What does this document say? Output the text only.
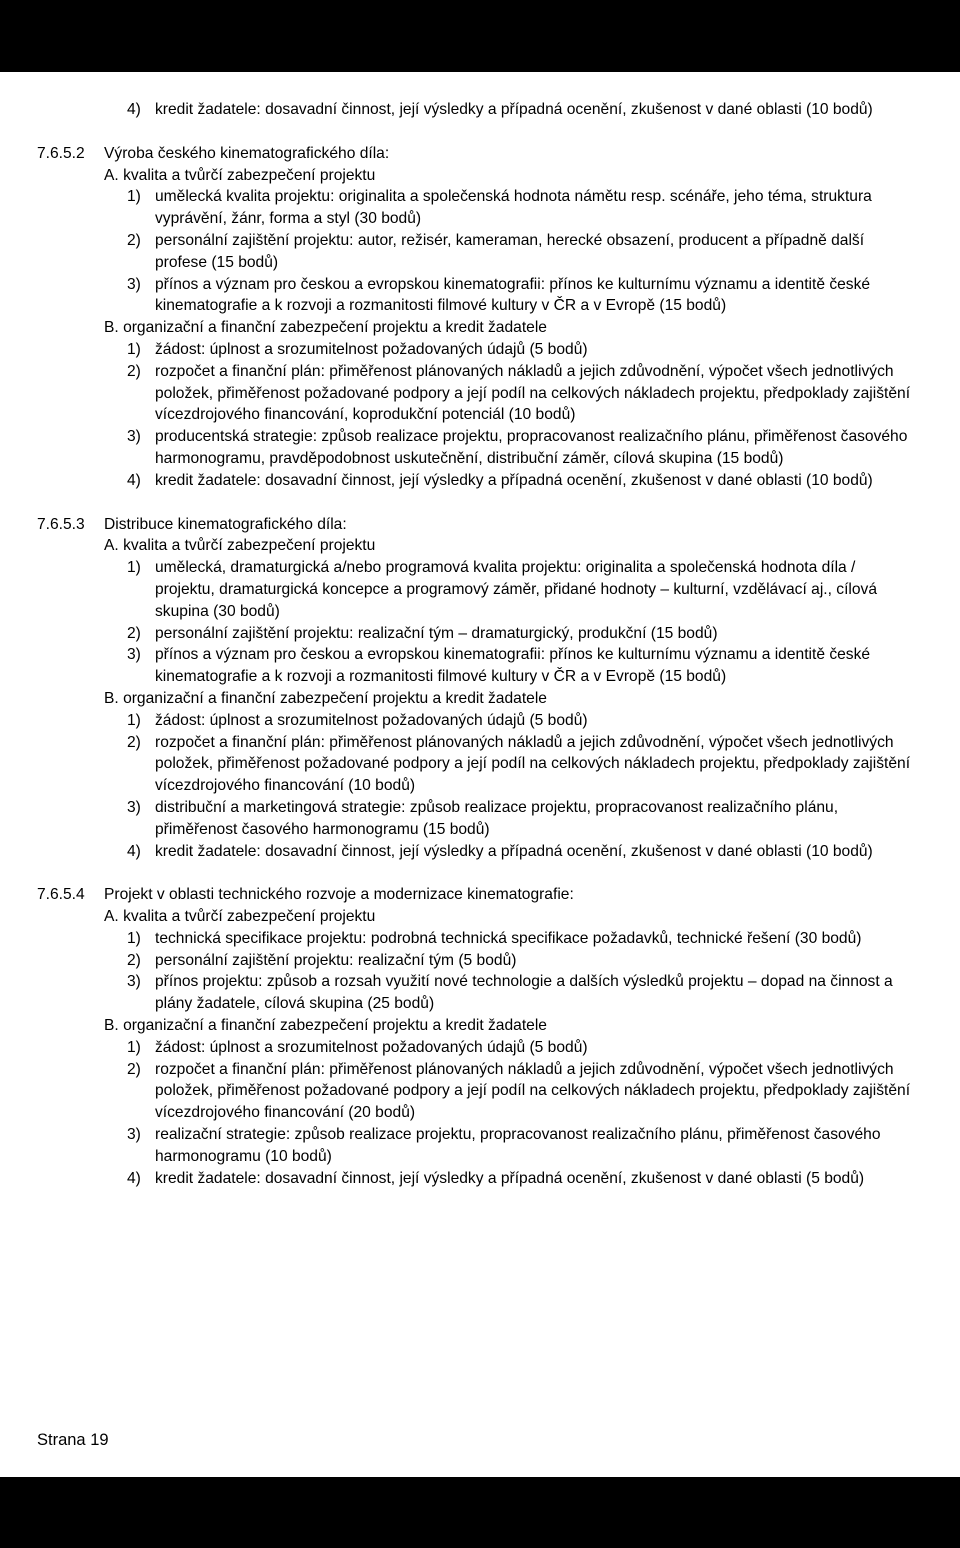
4) kredit žadatele: dosavadní činnost, její výsledky a případná ocenění, zkušenost v dané oblasti (10 bodů)
7.6.5.2 Výroba českého kinematografického díla:
A. kvalita a tvůrčí zabezpečení projektu
1) umělecká kvalita projektu: originalita a společenská hodnota námětu resp. scénáře, jeho téma, struktura vyprávění, žánr, forma a styl (30 bodů)
2) personální zajištění projektu: autor, režisér, kameraman, herecké obsazení, producent a případně další profese (15 bodů)
3) přínos a význam pro českou a evropskou kinematografii: přínos ke kulturnímu významu a identitě české kinematografie a k rozvoji a rozmanitosti filmové kultury v ČR a v Evropě (15 bodů)
B. organizační a finanční zabezpečení projektu a kredit žadatele
1) žádost: úplnost a srozumitelnost požadovaných údajů (5 bodů)
2) rozpočet a finanční plán: přiměřenost plánovaných nákladů a jejich zdůvodnění, výpočet všech jednotlivých položek, přiměřenost požadované podpory a její podíl na celkových nákladech projektu, předpoklady zajištění vícezdrojového financování, koprodukční potenciál (10 bodů)
3) producentská strategie: způsob realizace projektu, propracovanost realizačního plánu, přiměřenost časového harmonogramu, pravděpodobnost uskutečnění, distribuční záměr, cílová skupina (15 bodů)
4) kredit žadatele: dosavadní činnost, její výsledky a případná ocenění, zkušenost v dané oblasti (10 bodů)
7.6.5.3 Distribuce kinematografického díla:
A. kvalita a tvůrčí zabezpečení projektu
1) umělecká, dramaturgická a/nebo programová kvalita projektu: originalita a společenská hodnota díla / projektu, dramaturgická koncepce a programový záměr, přidané hodnoty – kulturní, vzdělávací aj., cílová skupina (30 bodů)
2) personální zajištění projektu: realizační tým – dramaturgický, produkční (15 bodů)
3) přínos a význam pro českou a evropskou kinematografii: přínos ke kulturnímu významu a identitě české kinematografie a k rozvoji a rozmanitosti filmové kultury v ČR a v Evropě (15 bodů)
B. organizační a finanční zabezpečení projektu a kredit žadatele
1) žádost: úplnost a srozumitelnost požadovaných údajů (5 bodů)
2) rozpočet a finanční plán: přiměřenost plánovaných nákladů a jejich zdůvodnění, výpočet všech jednotlivých položek, přiměřenost požadované podpory a její podíl na celkových nákladech projektu, předpoklady zajištění vícezdrojového financování (10 bodů)
3) distribuční a marketingová strategie: způsob realizace projektu, propracovanost realizačního plánu, přiměřenost časového harmonogramu (15 bodů)
4) kredit žadatele: dosavadní činnost, její výsledky a případná ocenění, zkušenost v dané oblasti (10 bodů)
7.6.5.4 Projekt v oblasti technického rozvoje a modernizace kinematografie:
A. kvalita a tvůrčí zabezpečení projektu
1) technická specifikace projektu: podrobná technická specifikace požadavků, technické řešení (30 bodů)
2) personální zajištění projektu: realizační tým (5 bodů)
3) přínos projektu: způsob a rozsah využití nové technologie a dalších výsledků projektu – dopad na činnost a plány žadatele, cílová skupina (25 bodů)
B. organizační a finanční zabezpečení projektu a kredit žadatele
1) žádost: úplnost a srozumitelnost požadovaných údajů (5 bodů)
2) rozpočet a finanční plán: přiměřenost plánovaných nákladů a jejich zdůvodnění, výpočet všech jednotlivých položek, přiměřenost požadované podpory a její podíl na celkových nákladech projektu, předpoklady zajištění vícezdrojového financování (20 bodů)
3) realizační strategie: způsob realizace projektu, propracovanost realizačního plánu, přiměřenost časového harmonogramu (10 bodů)
4) kredit žadatele: dosavadní činnost, její výsledky a případná ocenění, zkušenost v dané oblasti (5 bodů)
Strana 19
